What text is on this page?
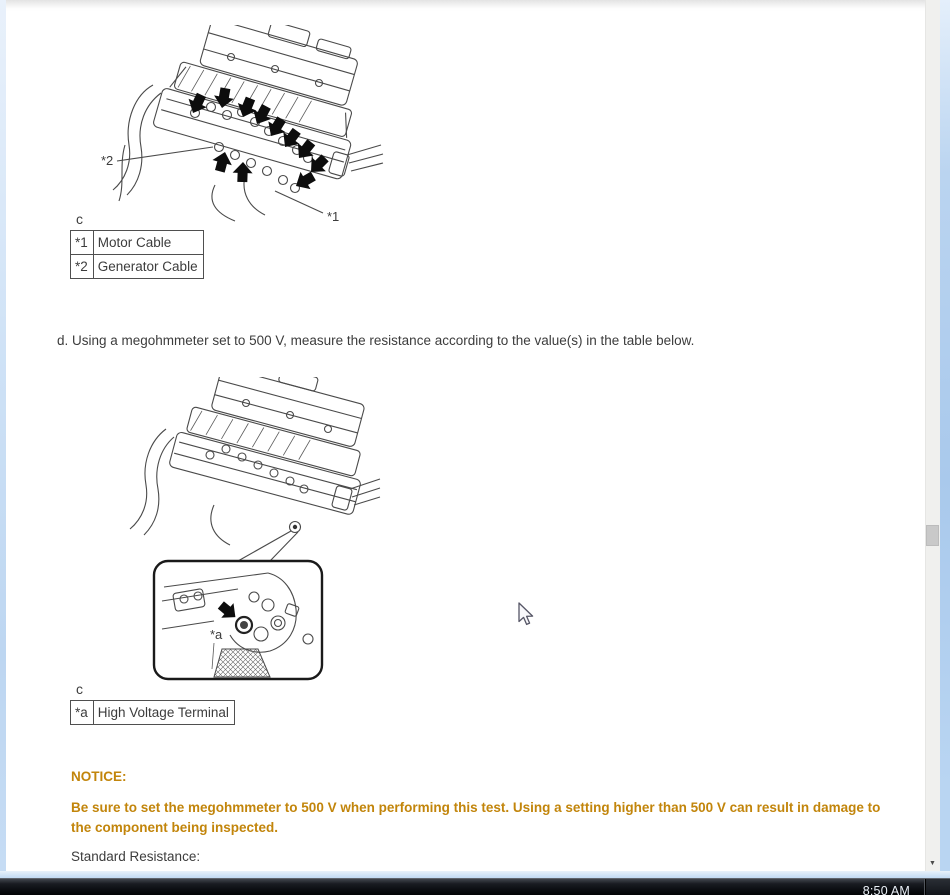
*2
*1
c
*1	Motor Cable
*2	Generator Cable
d. Using a megohmmeter set to 500 V, measure the resistance according to the value(s) in the table below.
*a
c
*a	High Voltage Terminal
NOTICE:
Be sure to set the megohmmeter to 500 V when performing this test. Using a setting higher than 500 V can result in damage to the component being inspected.
Standard Resistance:	▼
8:50 AM
